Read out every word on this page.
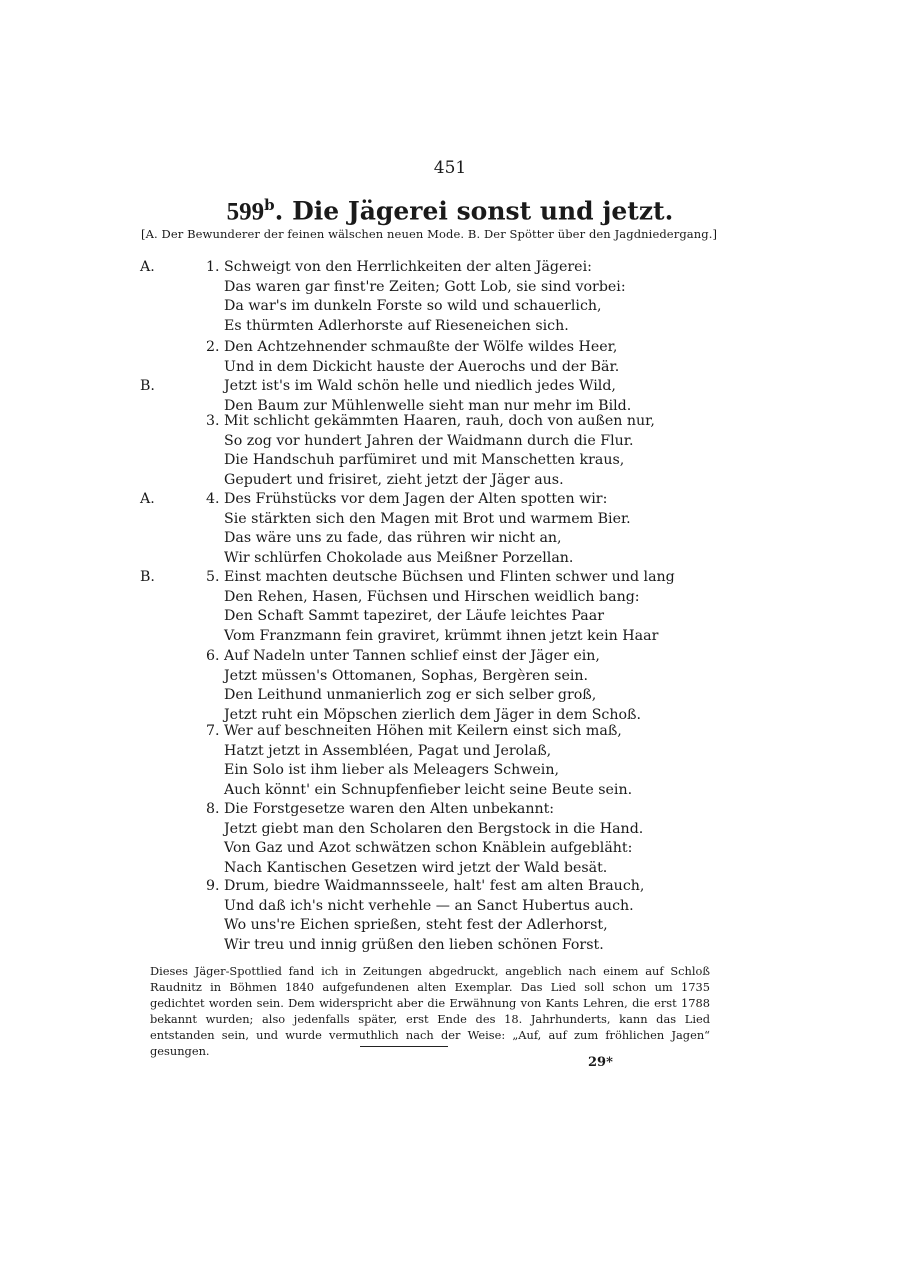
451
599$^b$. Die Jägerei sonst und jetzt.
[A. Der Bewunderer der feinen wälschen neuen Mode. B. Der Spötter über den Jagdniedergang.]
A.	1. Schweigt von den Herrlichkeiten der alten Jägerei:
Das waren gar finst're Zeiten; Gott Lob, sie sind vorbei:
Da war's im dunkeln Forste so wild und schauerlich,
Es thürmten Adlerhorste auf Rieseneichen sich.
2. Den Achtzehnender schmaußte der Wölfe wildes Heer,
Und in dem Dickicht hauste der Auerochs und der Bär.
B.	Jetzt ist's im Wald schön helle und niedlich jedes Wild,
Den Baum zur Mühlenwelle sieht man nur mehr im Bild.
3. Mit schlicht gekämmten Haaren, rauh, doch von außen nur,
So zog vor hundert Jahren der Waidmann durch die Flur.
Die Handschuh parfümiret und mit Manschetten kraus,
Gepudert und frisiret, zieht jetzt der Jäger aus.
A.	4. Des Frühstücks vor dem Jagen der Alten spotten wir:
Sie stärkten sich den Magen mit Brot und warmem Bier.
Das wäre uns zu fade, das rühren wir nicht an,
Wir schlürfen Chokolade aus Meißner Porzellan.
B.	5. Einst machten deutsche Büchsen und Flinten schwer und lang
Den Rehen, Hasen, Füchsen und Hirschen weidlich bang:
Den Schaft Sammt tapeziret, der Läufe leichtes Paar
Vom Franzmann fein graviret, krümmt ihnen jetzt kein Haar
6. Auf Nadeln unter Tannen schlief einst der Jäger ein,
Jetzt müssen's Ottomanen, Sophas, Bergèren sein.
Den Leithund unmanierlich zog er sich selber groß,
Jetzt ruht ein Möpschen zierlich dem Jäger in dem Schoß.
7. Wer auf beschneiten Höhen mit Keilern einst sich maß,
Hatzt jetzt in Assembléen, Pagat und Jerolaß,
Ein Solo ist ihm lieber als Meleagers Schwein,
Auch könnt' ein Schnupfenfieber leicht seine Beute sein.
8. Die Forstgesetze waren den Alten unbekannt:
Jetzt giebt man den Scholaren den Bergstock in die Hand.
Von Gaz und Azot schwätzen schon Knäblein aufgebläht:
Nach Kantischen Gesetzen wird jetzt der Wald besät.
9. Drum, biedre Waidmannsseele, halt' fest am alten Brauch,
Und daß ich's nicht verhehle — an Sanct Hubertus auch.
Wo uns're Eichen sprießen, steht fest der Adlerhorst,
Wir treu und innig grüßen den lieben schönen Forst.
Dieses Jäger-Spottlied fand ich in Zeitungen abgedruckt, angeblich nach einem auf Schloß Raudnitz in Böhmen 1840 aufgefundenen alten Exemplar. Das Lied soll schon um 1735 gedichtet worden sein. Dem widerspricht aber die Erwähnung von Kants Lehren, die erst 1788 bekannt wurden; also jedenfalls später, erst Ende des 18. Jahrhunderts, kann das Lied entstanden sein, und wurde vermuthlich nach der Weise: „Auf, auf zum fröhlichen Jagen“ gesungen.
29*
